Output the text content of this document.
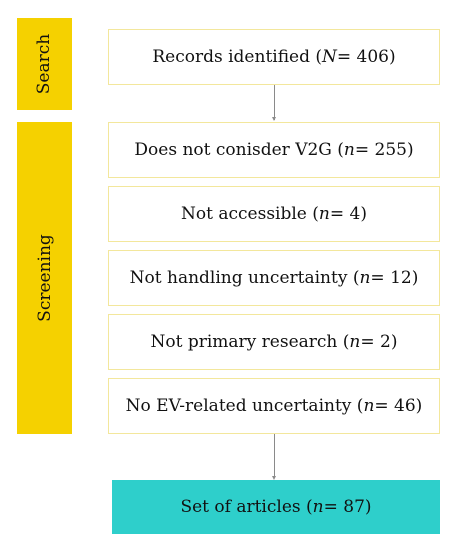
Search
Screening
Records identified ( N = 406)
Does not conisder V2G ( n = 255)
Not accessible ( n = 4)
Not handling uncertainty ( n = 12)
Not primary research ( n = 2)
No EV-related uncertainty ( n = 46)
Set of articles ( n = 87)
